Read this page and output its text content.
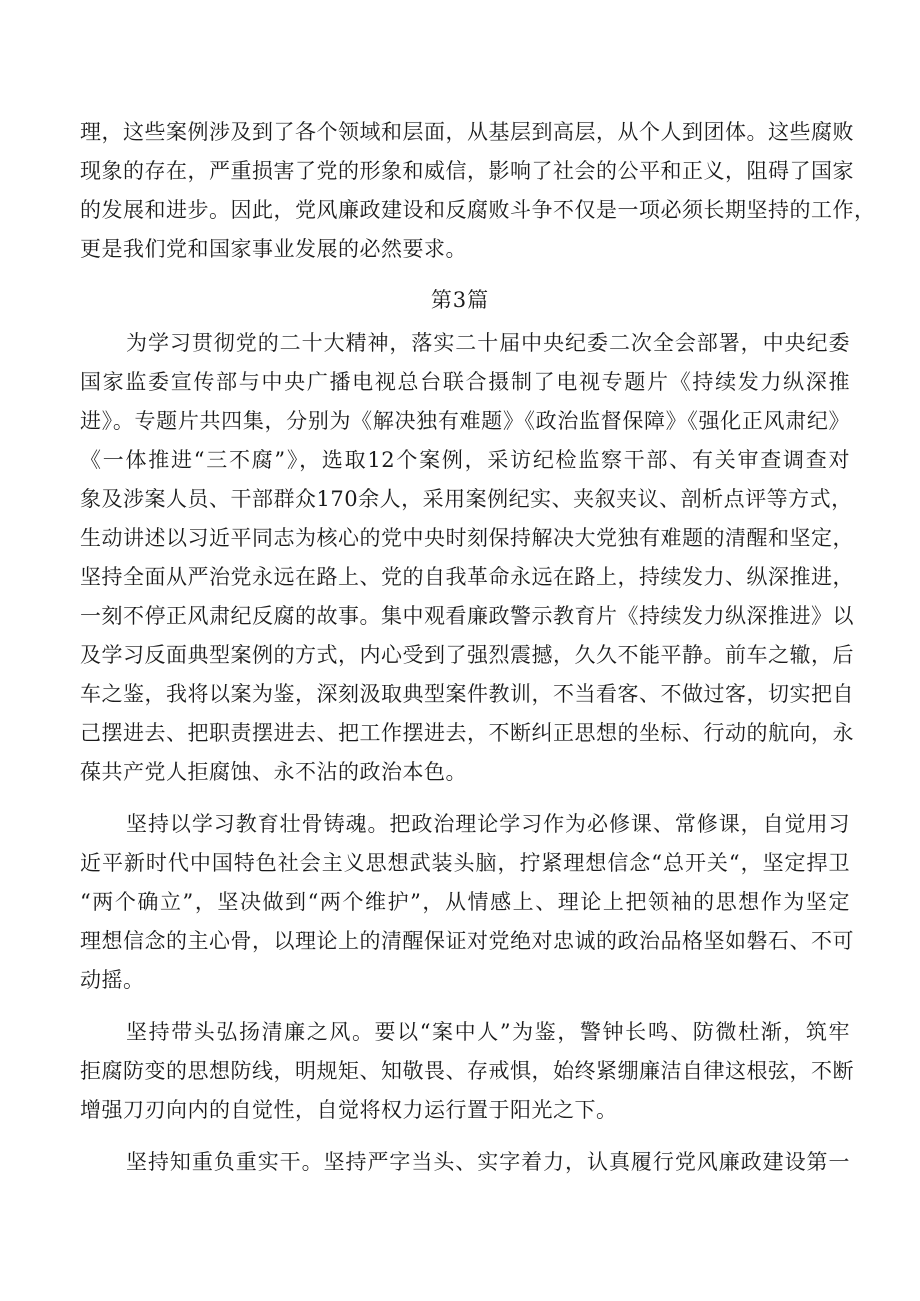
理，这些案例涉及到了各个领域和层面，从基层到高层，从个人到团体。这些腐败
现象的存在，严重损害了党的形象和威信，影响了社会的公平和正义，阻碍了国家
的发展和进步。因此，党风廉政建设和反腐败斗争不仅是一项必须长期坚持的工作，
更是我们党和国家事业发展的必然要求。
第3篇
为学习贯彻党的二十大精神，落实二十届中央纪委二次全会部署，中央纪委
国家监委宣传部与中央广播电视总台联合摄制了电视专题片《持续发力纵深推
进》。专题片共四集，分别为《解决独有难题》《政治监督保障》《强化正风肃纪》
《一体推进“三不腐”》，选取12个案例，采访纪检监察干部、有关审查调查对
象及涉案人员、干部群众170余人，采用案例纪实、夹叙夹议、剖析点评等方式，
生动讲述以习近平同志为核心的党中央时刻保持解决大党独有难题的清醒和坚定，
坚持全面从严治党永远在路上、党的自我革命永远在路上，持续发力、纵深推进，
一刻不停正风肃纪反腐的故事。集中观看廉政警示教育片《持续发力纵深推进》以
及学习反面典型案例的方式，内心受到了强烈震撼，久久不能平静。前车之辙，后
车之鉴，我将以案为鉴，深刻汲取典型案件教训，不当看客、不做过客，切实把自
己摆进去、把职责摆进去、把工作摆进去，不断纠正思想的坐标、行动的航向，永
葆共产党人拒腐蚀、永不沾的政治本色。
坚持以学习教育壮骨铸魂。把政治理论学习作为必修课、常修课，自觉用习
近平新时代中国特色社会主义思想武装头脑，拧紧理想信念“总开关“，坚定捍卫
“两个确立”，坚决做到“两个维护”，从情感上、理论上把领袖的思想作为坚定
理想信念的主心骨，以理论上的清醒保证对党绝对忠诚的政治品格坚如磐石、不可
动摇。
坚持带头弘扬清廉之风。要以“案中人”为鉴，警钟长鸣、防微杜渐，筑牢
拒腐防变的思想防线，明规矩、知敬畏、存戒惧，始终紧绷廉洁自律这根弦，不断
增强刀刃向内的自觉性，自觉将权力运行置于阳光之下。
坚持知重负重实干。坚持严字当头、实字着力，认真履行党风廉政建设第一
